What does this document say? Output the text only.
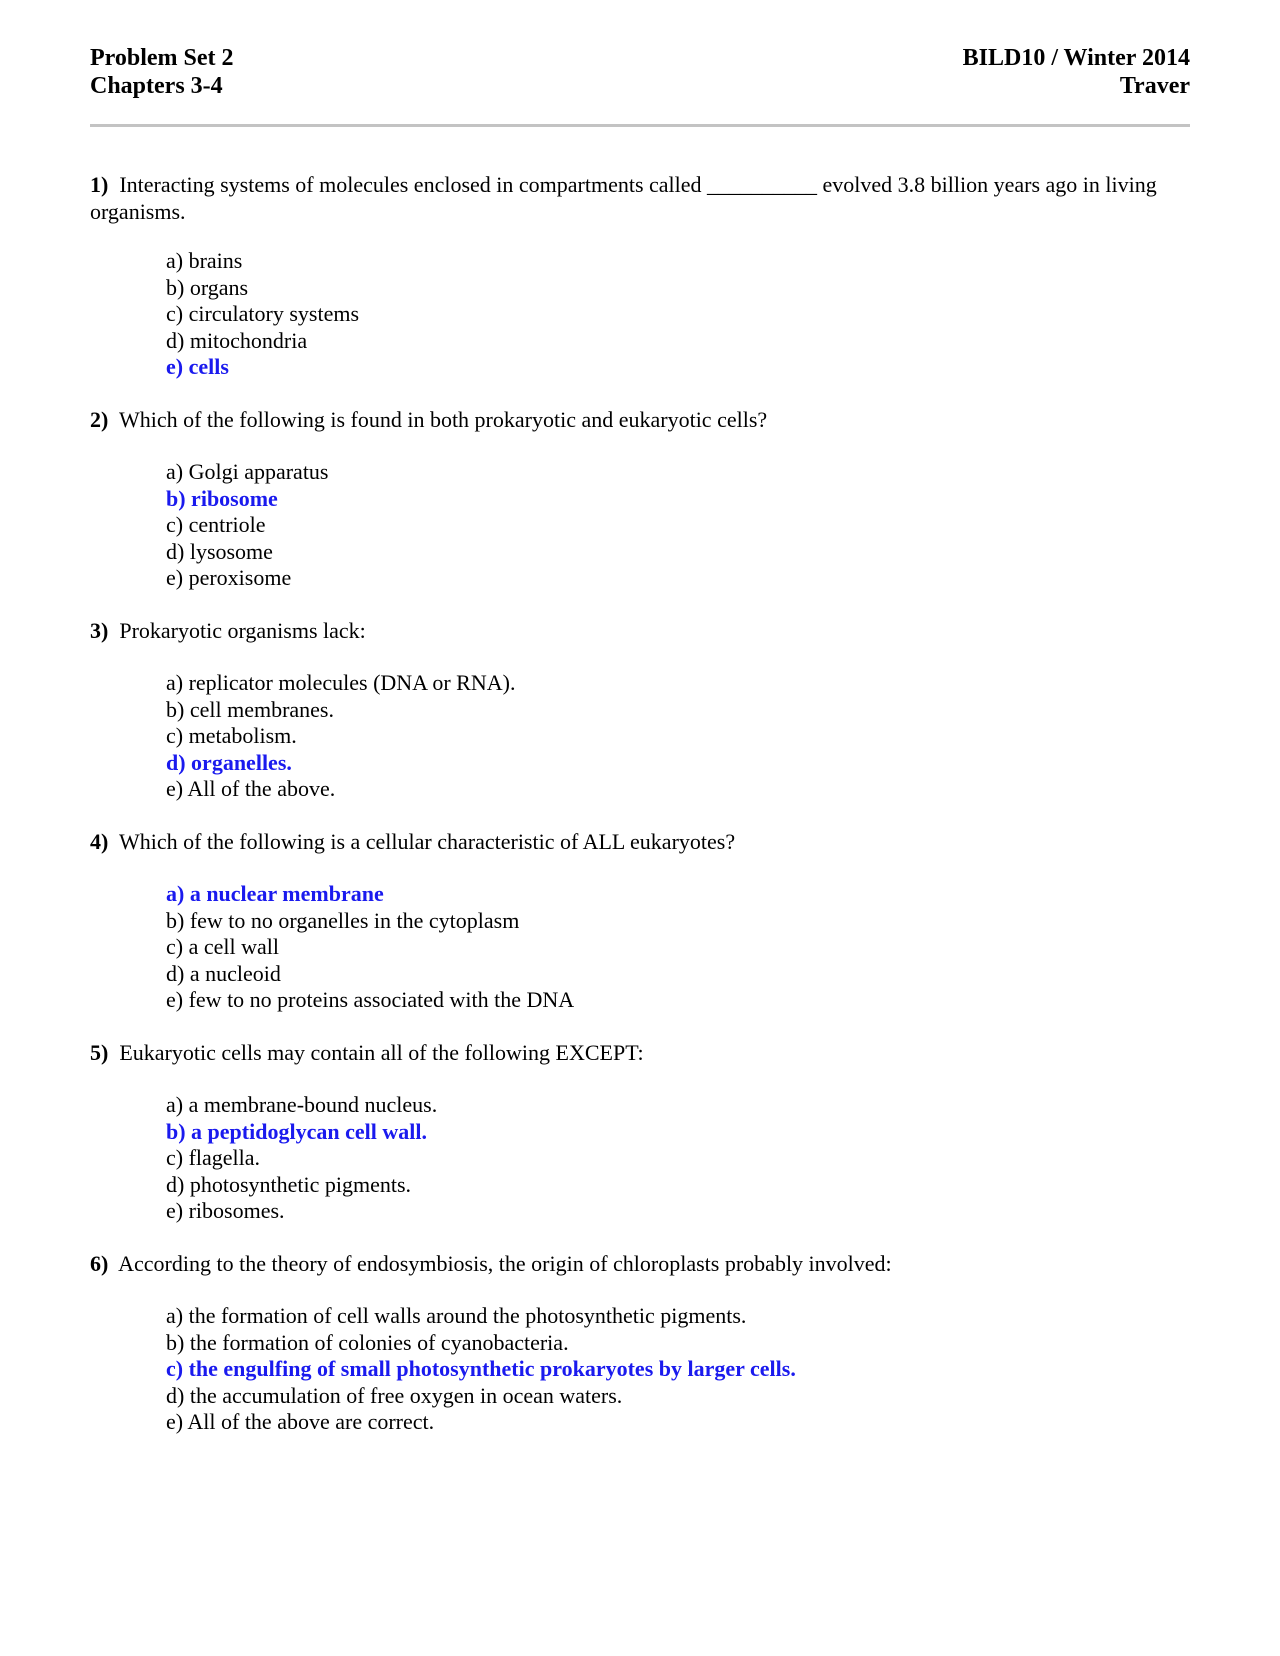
Problem Set 2
Chapters 3-4
BILD10 / Winter 2014
Traver
1) Interacting systems of molecules enclosed in compartments called __________ evolved 3.8 billion years ago in living organisms.
a) brains
b) organs
c) circulatory systems
d) mitochondria
e) cells
2) Which of the following is found in both prokaryotic and eukaryotic cells?
a) Golgi apparatus
b) ribosome
c) centriole
d) lysosome
e) peroxisome
3) Prokaryotic organisms lack:
a) replicator molecules (DNA or RNA).
b) cell membranes.
c) metabolism.
d) organelles.
e) All of the above.
4) Which of the following is a cellular characteristic of ALL eukaryotes?
a) a nuclear membrane
b) few to no organelles in the cytoplasm
c) a cell wall
d) a nucleoid
e) few to no proteins associated with the DNA
5) Eukaryotic cells may contain all of the following EXCEPT:
a) a membrane-bound nucleus.
b) a peptidoglycan cell wall.
c) flagella.
d) photosynthetic pigments.
e) ribosomes.
6) According to the theory of endosymbiosis, the origin of chloroplasts probably involved:
a) the formation of cell walls around the photosynthetic pigments.
b) the formation of colonies of cyanobacteria.
c) the engulfing of small photosynthetic prokaryotes by larger cells.
d) the accumulation of free oxygen in ocean waters.
e) All of the above are correct.
